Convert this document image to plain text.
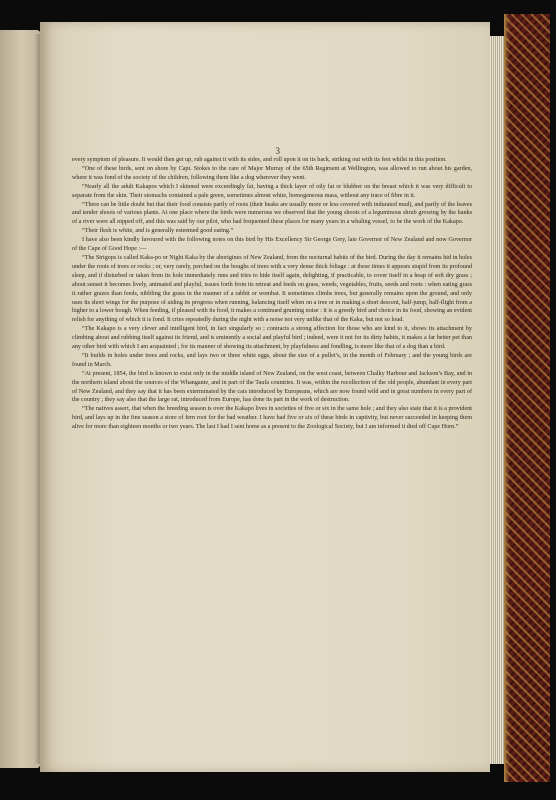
3

every symptom of pleasure. It would then get up, rub against it with its sides, and roll upon it on its back, striking out with its feet whilst in this position.

“One of these birds, sent on shore by Capt. Stokes to the care of Major Murray of the 65th Regiment at Wellington, was allowed to run about his garden, where it was fond of the society of the children, following them like a dog wherever they went.

“Nearly all the adult Kakapos which I skinned were exceedingly fat, having a thick layer of oily fat or blubber on the breast which it was very difficult to separate from the skin. Their stomachs contained a pale green, sometimes almost white, homogeneous mass, without any trace of fibre in it.

“There can be little doubt but that their food consists partly of roots (their beaks are usually more or less covered with indurated mud), and partly of the leaves and tender shoots of various plants. At one place where the birds were numerous we observed that the young shoots of a leguminous shrub growing by the banks of a river were all nipped off, and this was said by our pilot, who had frequented these places for many years in a whaling vessel, to be the work of the Kakapo.

“Their flesh is white, and is generally esteemed good eating.”

I have also been kindly favoured with the following notes on this bird by His Excellency Sir George Grey, late Governor of New Zealand and now Governor of the Cape of Good Hope :—

“The Strigops is called Kaka-po or Night Kaka by the aborigines of New Zealand, from the nocturnal habits of the bird. During the day it remains hid in holes under the roots of trees or rocks ; or, very rarely, perched on the boughs of trees with a very dense thick foliage : at these times it appears stupid from its profound sleep, and if disturbed or taken from its hole immediately runs and tries to hide itself again, delighting, if practicable, to cover itself in a heap of soft dry grass ; about sunset it becomes lively, animated and playful, issues forth from its retreat and feeds on grass, weeds, vegetables, fruits, seeds and roots : when eating grass it rather grazes than feeds, nibbling the grass in the manner of a rabbit or wombat. It sometimes climbs trees, but generally remains upon the ground, and only uses its short wings for the purpose of aiding its progress when running, balancing itself when on a tree or in making a short descent, half-jump, half-flight from a higher to a lower bough. When feeding, if pleased with its food, it makes a continued grunting noise : it is a greedy bird and choice in its food, showing an evident relish for anything of which it is fond. It cries repeatedly during the night with a noise not very unlike that of the Kaka, but not so loud.

“The Kakapo is a very clever and intelligent bird, in fact singularly so ; contracts a strong affection for those who are kind to it, shows its attachment by climbing about and rubbing itself against its friend, and is eminently a social and playful bird ; indeed, were it not for its dirty habits, it makes a far better pet than any other bird with which I am acquainted ; for its manner of showing its attachment, by playfulness and fondling, is more like that of a dog than a bird.

“It builds in holes under trees and rocks, and lays two or three white eggs, about the size of a pullet’s, in the month of February ; and the young birds are found in March.

“At present, 1854, the bird is known to exist only in the middle island of New Zealand, on the west coast, between Chalky Harbour and Jackson’s Bay, and in the northern island about the sources of the Whanganie, and in part of the Taufa countries. It was, within the recollection of the old people, abundant in every part of New Zealand, and they say that it has been exterminated by the cats introduced by Europeans, which are now found wild and in great numbers in every part of the country ; they say also that the large rat, introduced from Europe, has done its part in the work of destruction.

“The natives assert, that when the breeding season is over the Kakapo lives in societies of five or six in the same hole ; and they also state that it is a provident bird, and lays up in the fine season a store of fern root for the bad weather. I have had five or six of these birds in captivity, but never succeeded in keeping them alive for more than eighteen months or two years. The last I had I sent home as a present to the Zoological Society, but I am informed it died off Cape Horn.”
